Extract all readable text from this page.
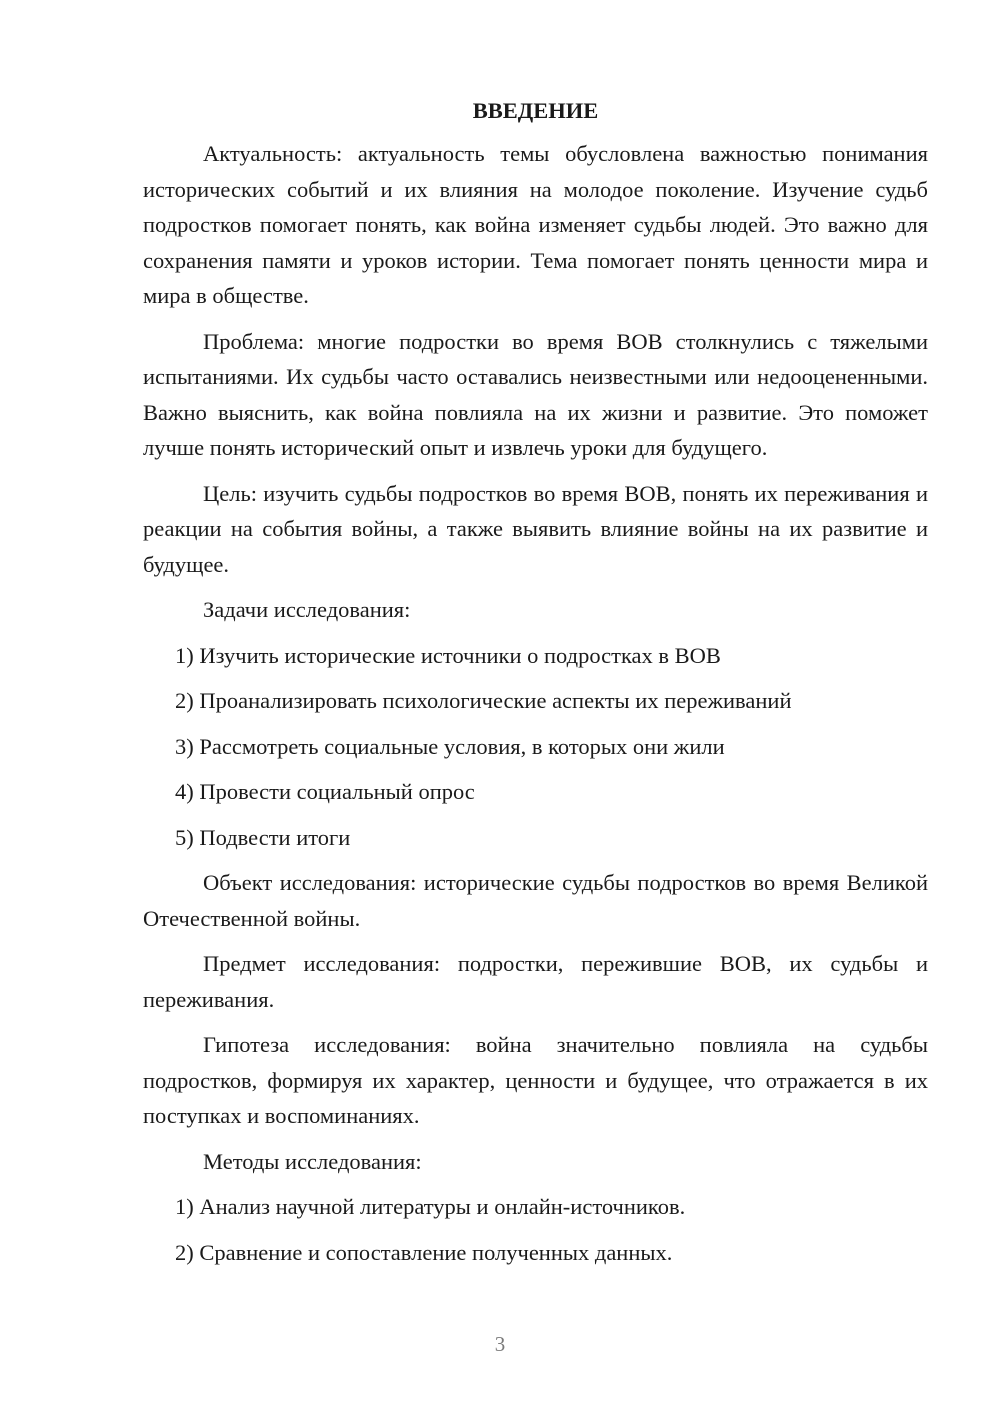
ВВЕДЕНИЕ

Актуальность: актуальность темы обусловлена важностью понимания исторических событий и их влияния на молодое поколение. Изучение судьб подростков помогает понять, как война изменяет судьбы людей. Это важно для сохранения памяти и уроков истории. Тема помогает понять ценности мира и мира в обществе.

Проблема: многие подростки во время ВОВ столкнулись с тяжелыми испытаниями. Их судьбы часто оставались неизвестными или недооцененными. Важно выяснить, как война повлияла на их жизни и развитие. Это поможет лучше понять исторический опыт и извлечь уроки для будущего.

Цель: изучить судьбы подростков во время ВОВ, понять их переживания и реакции на события войны, а также выявить влияние войны на их развитие и будущее.

Задачи исследования:
1) Изучить исторические источники о подростках в ВОВ
2) Проанализировать психологические аспекты их переживаний
3) Рассмотреть социальные условия, в которых они жили
4) Провести социальный опрос
5) Подвести итоги

Объект исследования: исторические судьбы подростков во время Великой Отечественной войны.

Предмет исследования: подростки, пережившие ВОВ, их судьбы и переживания.

Гипотеза исследования: война значительно повлияла на судьбы подростков, формируя их характер, ценности и будущее, что отражается в их поступках и воспоминаниях.

Методы исследования:
1) Анализ научной литературы и онлайн-источников.
2) Сравнение и сопоставление полученных данных.
3
